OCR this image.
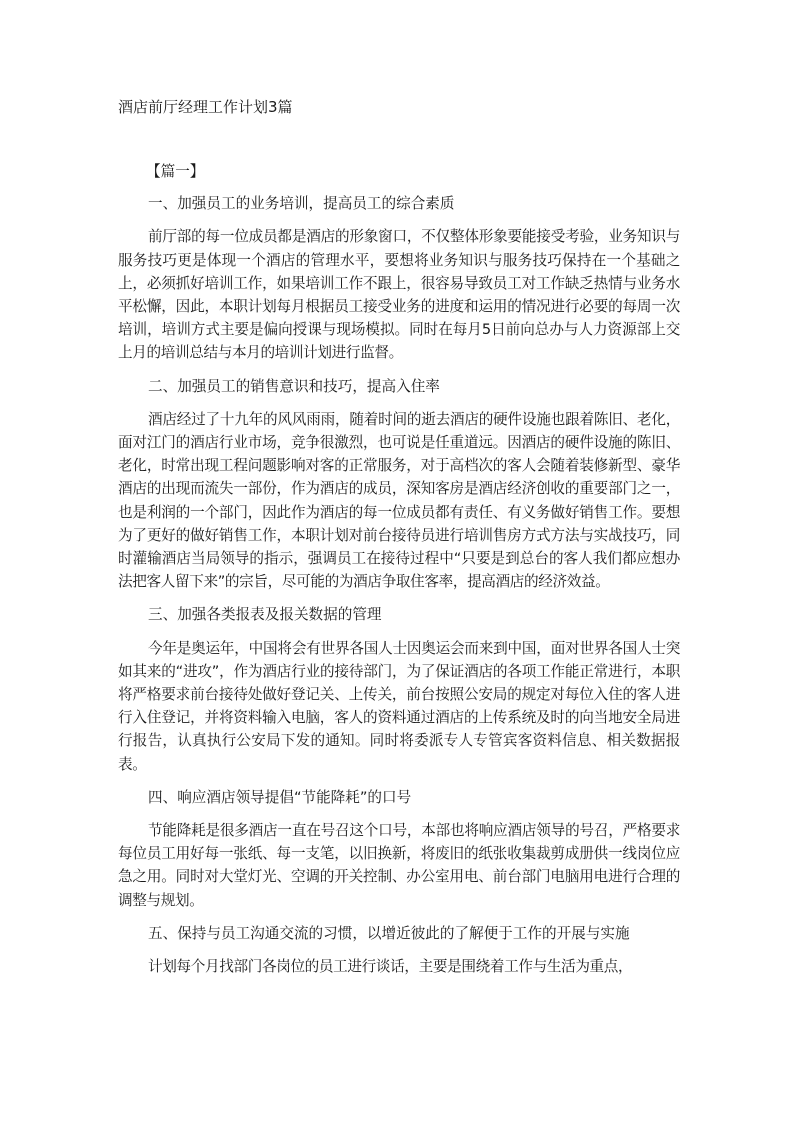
酒店前厅经理工作计划3篇
【篇一】
一、加强员工的业务培训，提高员工的综合素质
前厅部的每一位成员都是酒店的形象窗口，不仅整体形象要能接受考验，业务知识与服务技巧更是体现一个酒店的管理水平，要想将业务知识与服务技巧保持在一个基础之上，必须抓好培训工作，如果培训工作不跟上，很容易导致员工对工作缺乏热情与业务水平松懈，因此，本职计划每月根据员工接受业务的进度和运用的情况进行必要的每周一次培训，培训方式主要是偏向授课与现场模拟。同时在每月5日前向总办与人力资源部上交上月的培训总结与本月的培训计划进行监督。
二、加强员工的销售意识和技巧，提高入住率
酒店经过了十九年的风风雨雨，随着时间的逝去酒店的硬件设施也跟着陈旧、老化，面对江门的酒店行业市场，竞争很激烈，也可说是任重道远。因酒店的硬件设施的陈旧、老化，时常出现工程问题影响对客的正常服务，对于高档次的客人会随着装修新型、豪华酒店的出现而流失一部份，作为酒店的成员，深知客房是酒店经济创收的重要部门之一，也是利润的一个部门，因此作为酒店的每一位成员都有责任、有义务做好销售工作。要想为了更好的做好销售工作，本职计划对前台接待员进行培训售房方式方法与实战技巧，同时灌输酒店当局领导的指示，强调员工在接待过程中“只要是到总台的客人我们都应想办法把客人留下来”的宗旨，尽可能的为酒店争取住客率，提高酒店的经济效益。
三、加强各类报表及报关数据的管理
今年是奥运年，中国将会有世界各国人士因奥运会而来到中国，面对世界各国人士突如其来的“进攻”，作为酒店行业的接待部门，为了保证酒店的各项工作能正常进行，本职将严格要求前台接待处做好登记关、上传关，前台按照公安局的规定对每位入住的客人进行入住登记，并将资料输入电脑，客人的资料通过酒店的上传系统及时的向当地安全局进行报告，认真执行公安局下发的通知。同时将委派专人专管宾客资料信息、相关数据报表。
四、响应酒店领导提倡“节能降耗”的口号
节能降耗是很多酒店一直在号召这个口号，本部也将响应酒店领导的号召，严格要求每位员工用好每一张纸、每一支笔，以旧换新，将废旧的纸张收集裁剪成册供一线岗位应急之用。同时对大堂灯光、空调的开关控制、办公室用电、前台部门电脑用电进行合理的调整与规划。
五、保持与员工沟通交流的习惯，以增近彼此的了解便于工作的开展与实施
计划每个月找部门各岗位的员工进行谈话，主要是围绕着工作与生活为重点，
